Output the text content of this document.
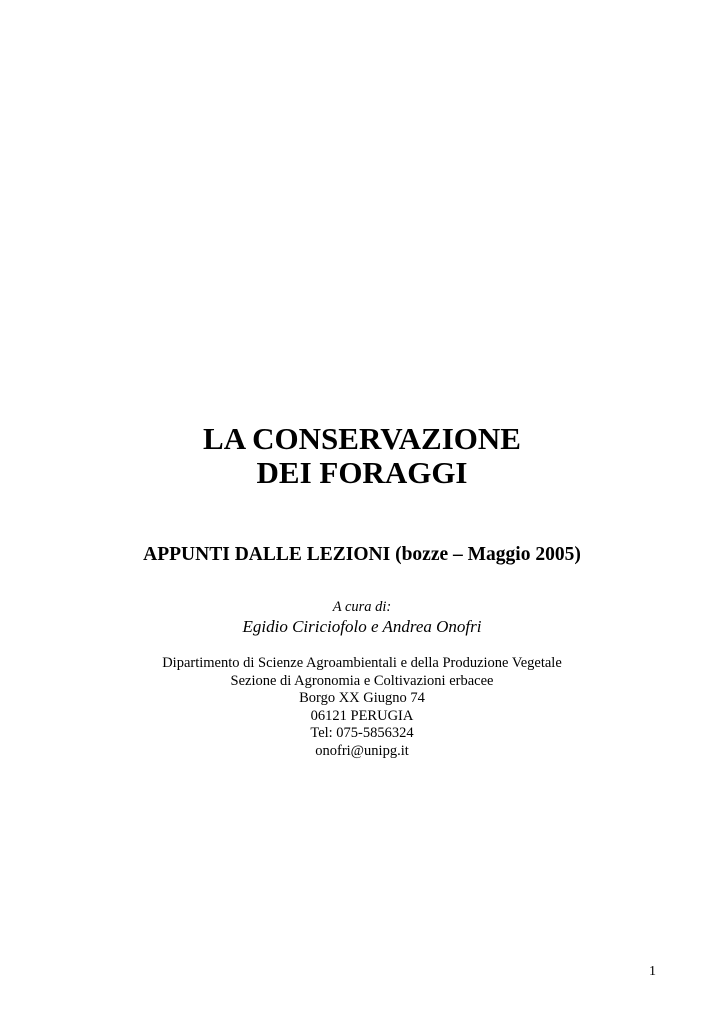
LA CONSERVAZIONE
DEI FORAGGI
APPUNTI DALLE LEZIONI (bozze – Maggio 2005)
A cura di:
Egidio Ciriciofolo e Andrea Onofri
Dipartimento di Scienze Agroambientali e della Produzione Vegetale
Sezione di Agronomia e Coltivazioni erbacee
Borgo XX Giugno 74
06121 PERUGIA
Tel: 075-5856324
onofri@unipg.it
1
